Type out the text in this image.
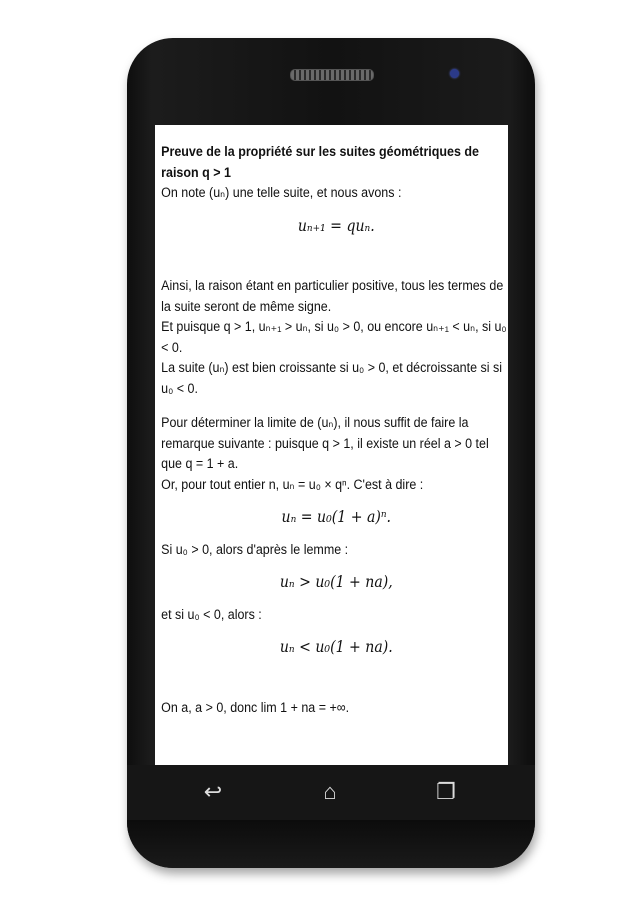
Preuve de la propriété sur les suites géométriques de raison q > 1

On note (uₙ) une telle suite, et nous avons :

uₙ₊₁ = quₙ.

Ainsi, la raison étant en particulier positive, tous les termes de la suite seront de même signe.

Et puisque q > 1, uₙ₊₁ > uₙ, si u₀ > 0, ou encore uₙ₊₁ < uₙ, si u₀ < 0.

La suite (uₙ) est bien croissante si u₀ > 0, et décroissante si si u₀ < 0.

Pour déterminer la limite de (uₙ), il nous suffit de faire la remarque suivante : puisque q > 1, il existe un réel a > 0 tel que q = 1 + a.

Or, pour tout entier n, uₙ = u₀ × qⁿ. C'est à dire :

uₙ = u₀(1 + a)ⁿ.

Si u₀ > 0, alors d'après le lemme :

uₙ > u₀(1 + na),

et si u₀ < 0, alors :

uₙ < u₀(1 + na).

On a, a > 0, donc lim 1 + na = +∞.

↩	⌂	❐
